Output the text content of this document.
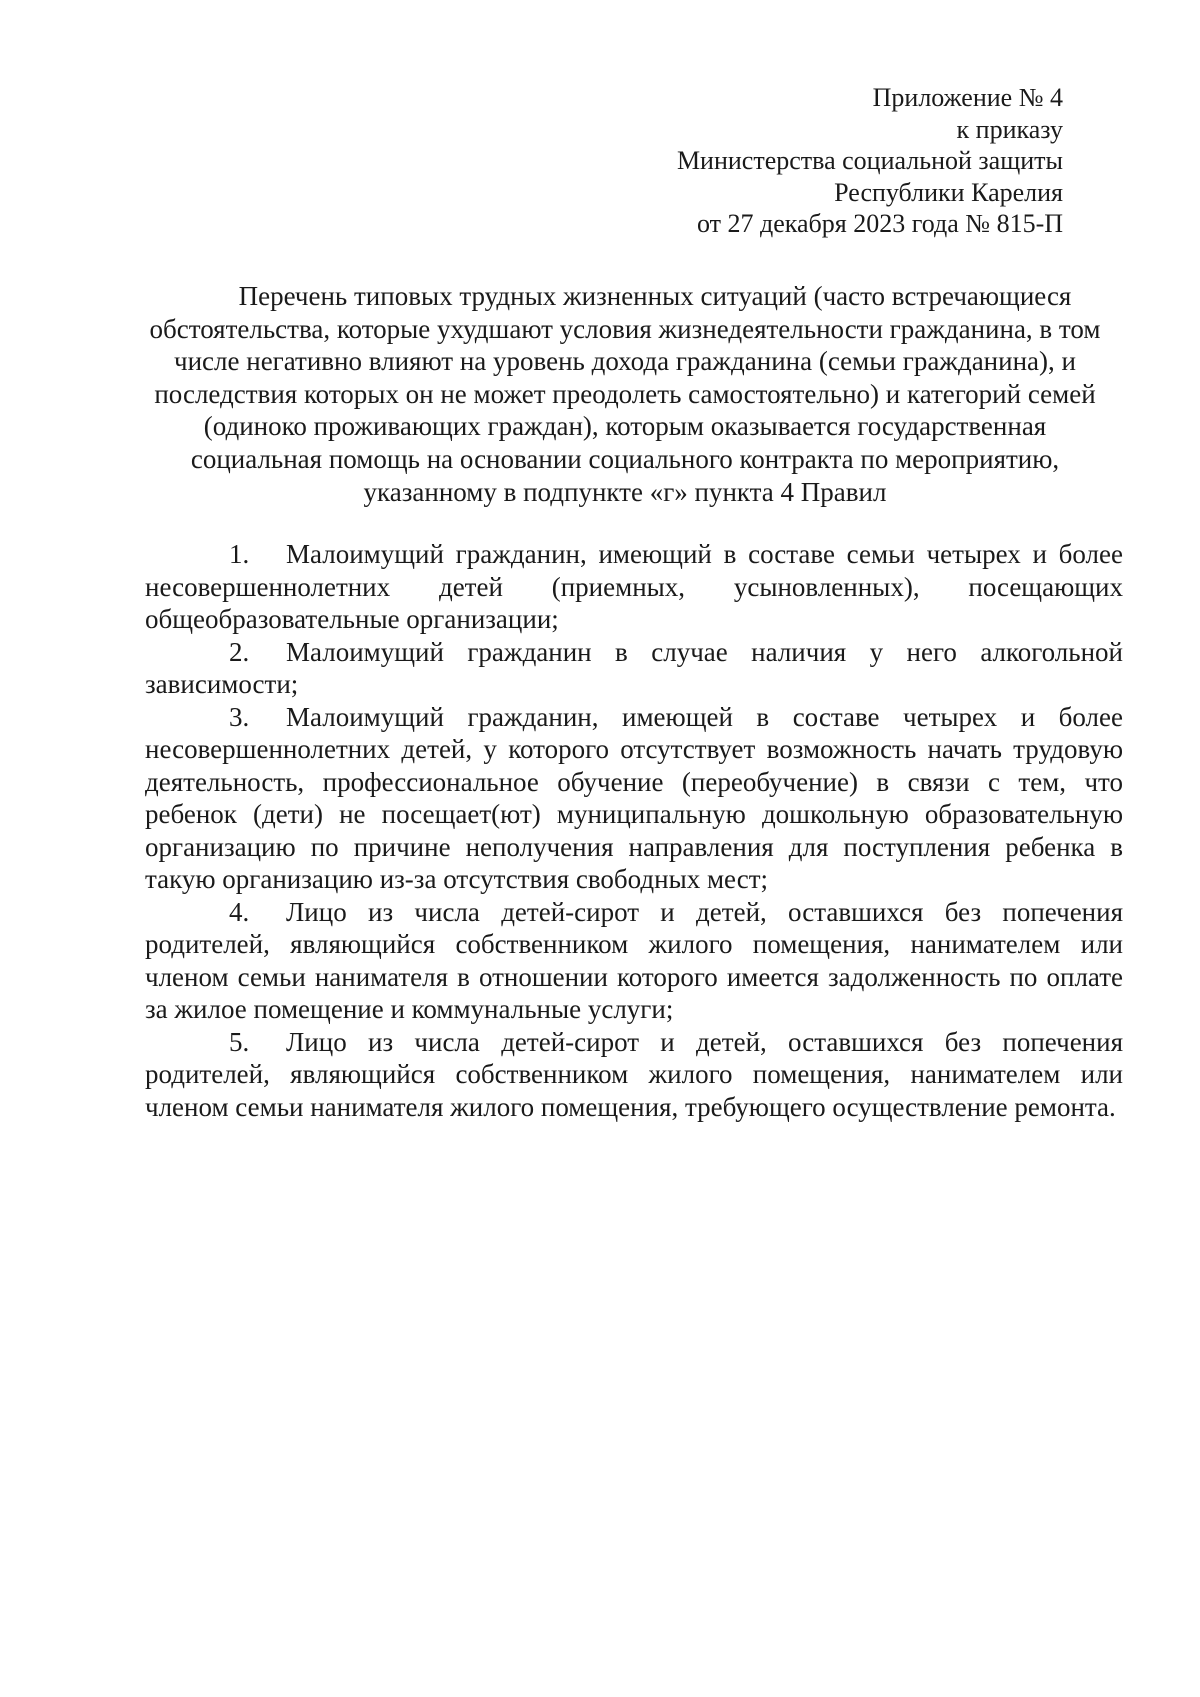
Приложение № 4
к приказу
Министерства социальной защиты
Республики Карелия
от 27 декабря 2023 года № 815-П
Перечень типовых трудных жизненных ситуаций (часто встречающиеся обстоятельства, которые ухудшают условия жизнедеятельности гражданина, в том числе негативно влияют на уровень дохода гражданина (семьи гражданина), и последствия которых он не может преодолеть самостоятельно) и категорий семей (одиноко проживающих граждан), которым оказывается государственная социальная помощь на основании социального контракта по мероприятию, указанному в подпункте «г» пункта 4 Правил

1. Малоимущий гражданин, имеющий в составе семьи четырех и более несовершеннолетних детей (приемных, усыновленных), посещающих общеобразовательные организации;

2. Малоимущий гражданин в случае наличия у него алкогольной зависимости;

3. Малоимущий гражданин, имеющей в составе четырех и более несовершеннолетних детей, у которого отсутствует возможность начать трудовую деятельность, профессиональное обучение (переобучение) в связи с тем, что ребенок (дети) не посещает(ют) муниципальную дошкольную образовательную организацию по причине неполучения направления для поступления ребенка в такую организацию из-за отсутствия свободных мест;

4. Лицо из числа детей-сирот и детей, оставшихся без попечения родителей, являющийся собственником жилого помещения, нанимателем или членом семьи нанимателя в отношении которого имеется задолженность по оплате за жилое помещение и коммунальные услуги;

5. Лицо из числа детей-сирот и детей, оставшихся без попечения родителей, являющийся собственником жилого помещения, нанимателем или членом семьи нанимателя жилого помещения, требующего осуществление ремонта.
